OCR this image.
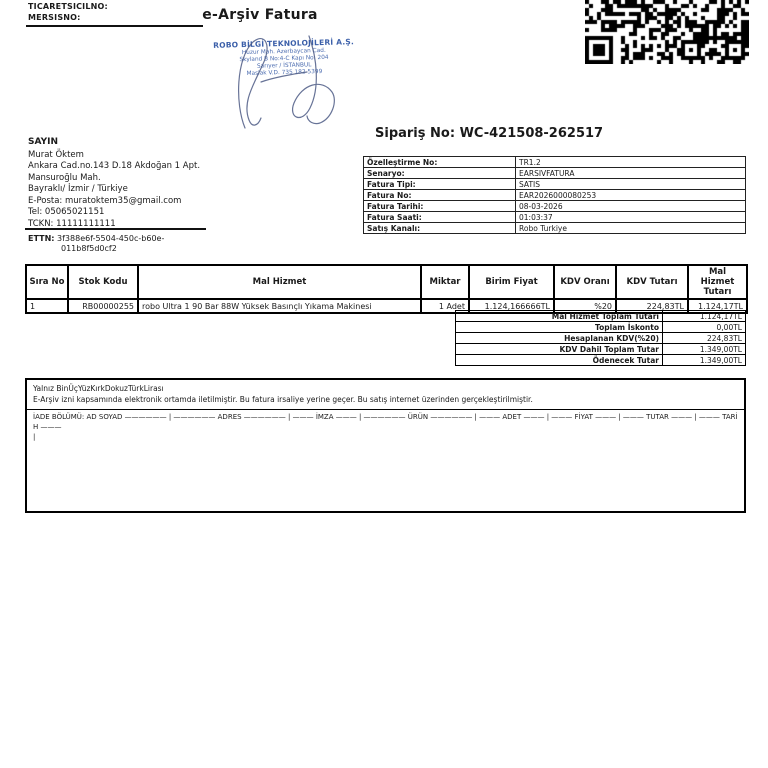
TICARETSICILNO:
MERSISNO:	e-Arşiv Fatura
ROBO BİLGİ TEKNOLOJİLERİ A.Ş.
Huzur Mah. Azerbaycan Cad.
Skyland B No:4-C Kapı No: 204
Sarıyer / İSTANBUL
Maslak V.D. 735 182 5399
SAYIN
Murat Öktem
Ankara Cad.no.143 D.18 Akdoğan 1 Apt.
Mansuroğlu Mah.
Bayraklı/ İzmir / Türkiye
E-Posta: muratoktem35@gmail.com
Tel: 05065021151
TCKN: 11111111111
ETTN: 3f388e6f-5504-450c-b60e-
011b8f5d0cf2
Sipariş No: WC-421508-262517
Özelleştirme No:	TR1.2
Senaryo:	EARSIVFATURA
Fatura Tipi:	SATIS
Fatura No:	EAR2026000080253
Fatura Tarihi:	08-03-2026
Fatura Saati:	01:03:37
Satış Kanalı:	Robo Turkiye
Sıra No	Stok Kodu	Mal Hizmet	Miktar	Birim Fiyat	KDV Oranı	KDV Tutarı	Mal Hizmet Tutarı
1	RB00000255	robo Ultra 1 90 Bar 88W Yüksek Basınçlı Yıkama Makinesi	1 Adet	1.124,166666TL	%20	224,83TL	1.124,17TL
Mal Hizmet Toplam Tutarı	1.124,17TL
Toplam İskonto	0,00TL
Hesaplanan KDV(%20)	224,83TL
KDV Dahil Toplam Tutar	1.349,00TL
Ödenecek Tutar	1.349,00TL
Yalnız BinÜçYüzKırkDokuzTürkLirası
E-Arşiv izni kapsamında elektronik ortamda iletilmiştir. Bu fatura irsaliye yerine geçer. Bu satış internet üzerinden gerçekleştirilmiştir.
İADE BÖLÜMÜ: AD SOYAD —————— | —————— ADRES —————— | ——— İMZA ——— | —————— ÜRÜN —————— | ——— ADET ——— | ——— FİYAT ——— | ——— TUTAR ——— | ——— TARİH ———
|
